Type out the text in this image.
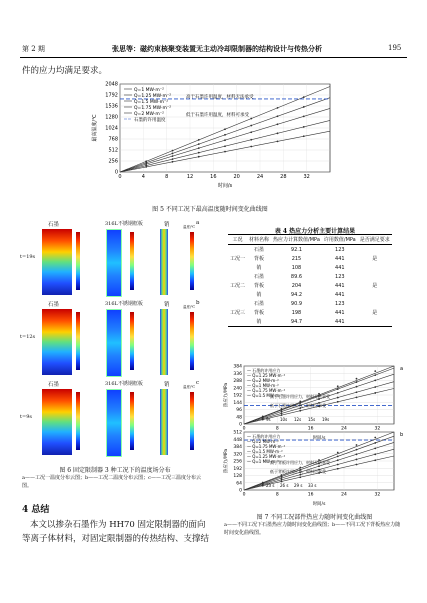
第 2 期	张思等：磁约束核聚变装置无主动冷却限制器的结构设计与传热分析	195
件的应力均满足要求。
0
256
512
768
1024
1280
1536
1792
2048
0	4	8	12	16	20	24	28	32
最高温度/℃
时间/s
Q=1 MW·m⁻²
Q=1.25 MW·m⁻²
Q=1.5 MW·m⁻²
Q=1.75 MW·m⁻²
Q=2 MW·m⁻²
石墨的许用温度
高于石墨许用温度，材料无法承受
低于石墨许用温度，材料可承受
图 5 不同工况下最高温度随时间变化曲线图
石墨	316L不锈钢框板	销	a
t=19s
温度/℃
石墨	316L不锈钢框板	销	b
t=12s
温度/℃
石墨	316L不锈钢框板	销	c
t=9s
温度/℃
图 6 固定限制器 3 种工况下的温度场分布
a——工况一温度分布云图；b——工况二温度分布云图；c——工况三温度分布云图。
表 4 热应力分析主要计算结果
工况	材料名称	热应力计算数值/MPa	许用数值/MPa	是否满足要求
工况一	石墨	92.1	123	是
	背板	215	441	
	销	108	441	
工况二	石墨	89.6	123	是
	背板	204	441	
	销	94.2	441	
工况三	石墨	90.9	123	是
	背板	198	441	
	销	94.7	441	
0
48
96
144
192
240
288
336
384
0	8	16	24	32
热应力/MPa
时间/s
a
— 石墨的许用应力
— Q=1.25 MW·m⁻²
— Q=2 MW·m⁻²
— Q=1 MW·m⁻²
— Q=1.75 MW·m⁻²
— Q=1.5 MW·m⁻²
高于石墨许用应力，材料无法承受
低于石墨许用应力，材料可承受
9s 10s 12s 15s 19s
0
64
128
192
256
320
384
448
512
0	8	16	24	32
热应力/MPa
时间/s
b
— 石墨的许用应力
— Q=2 MW·m⁻²
— Q=1.75 MW·m⁻²
— Q=1.5 MW·m⁻²
— Q=1.25 MW·m⁻²
— Q=1 MW·m⁻²
高于背板许用应力，材料无法承受
低于背板许用应力，材料可承受
23 s 26 s 29 s 33 s
图 7 不同工况部件热应力随时间变化曲线图
a——不同工况下石墨热应力随时间变化曲线图；b——不同工况下背板热应力随时间变化曲线图。
4 总结
本文以掺杂石墨作为 HH70 固定限制器的面向
等离子体材料，对固定限制器的传热结构、支撑结
